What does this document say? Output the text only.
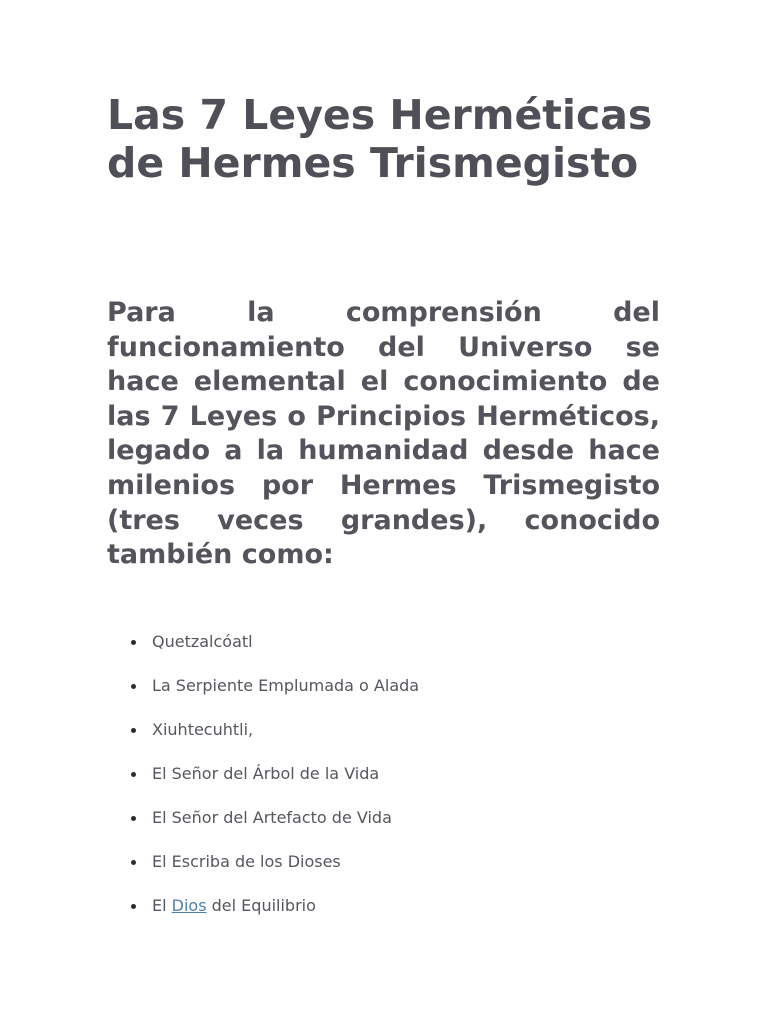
Las 7 Leyes Herméticas
de Hermes Trismegisto

Para la comprensión del funcionamiento del Universo se hace elemental el conocimiento de las 7 Leyes o Principios Herméticos, legado a la humanidad desde hace milenios por Hermes Trismegisto (tres veces grandes), conocido también como:

Quetzalcóatl
La Serpiente Emplumada o Alada
Xiuhtecuhtli,
El Señor del Árbol de la Vida
El Señor del Artefacto de Vida
El Escriba de los Dioses
El Dios del Equilibrio
